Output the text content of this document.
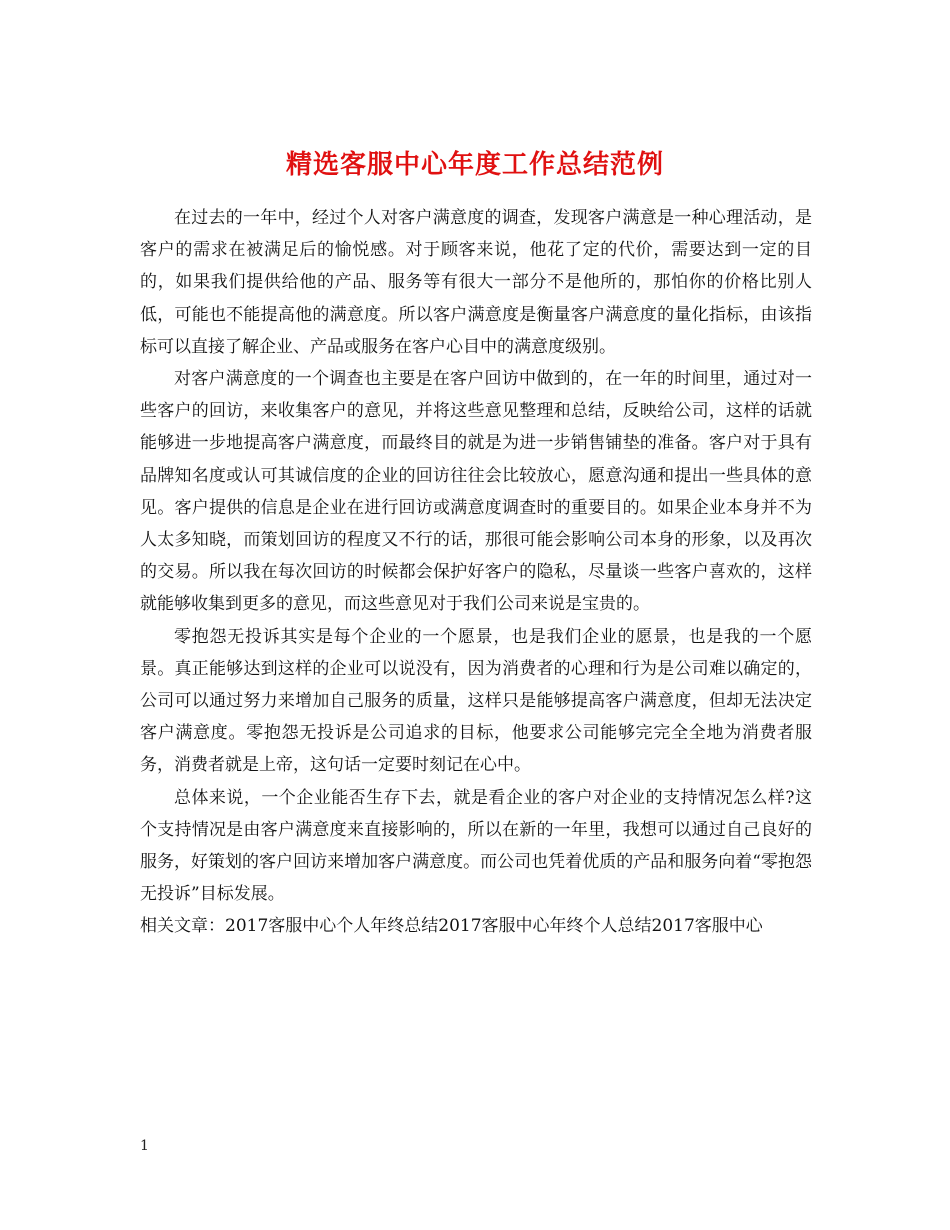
精选客服中心年度工作总结范例

在过去的一年中，经过个人对客户满意度的调查，发现客户满意是一种心理活动，是客户的需求在被满足后的愉悦感。对于顾客来说，他花了定的代价，需要达到一定的目的，如果我们提供给他的产品、服务等有很大一部分不是他所的，那怕你的价格比别人低，可能也不能提高他的满意度。所以客户满意度是衡量客户满意度的量化指标，由该指标可以直接了解企业、产品或服务在客户心目中的满意度级别。

对客户满意度的一个调查也主要是在客户回访中做到的，在一年的时间里，通过对一些客户的回访，来收集客户的意见，并将这些意见整理和总结，反映给公司，这样的话就能够进一步地提高客户满意度，而最终目的就是为进一步销售铺垫的准备。客户对于具有品牌知名度或认可其诚信度的企业的回访往往会比较放心，愿意沟通和提出一些具体的意见。客户提供的信息是企业在进行回访或满意度调查时的重要目的。如果企业本身并不为人太多知晓，而策划回访的程度又不行的话，那很可能会影响公司本身的形象，以及再次的交易。所以我在每次回访的时候都会保护好客户的隐私，尽量谈一些客户喜欢的，这样就能够收集到更多的意见，而这些意见对于我们公司来说是宝贵的。

零抱怨无投诉其实是每个企业的一个愿景，也是我们企业的愿景，也是我的一个愿景。真正能够达到这样的企业可以说没有，因为消费者的心理和行为是公司难以确定的，公司可以通过努力来增加自己服务的质量，这样只是能够提高客户满意度，但却无法决定客户满意度。零抱怨无投诉是公司追求的目标，他要求公司能够完完全全地为消费者服务，消费者就是上帝，这句话一定要时刻记在心中。

总体来说，一个企业能否生存下去，就是看企业的客户对企业的支持情况怎么样?这个支持情况是由客户满意度来直接影响的，所以在新的一年里，我想可以通过自己良好的服务，好策划的客户回访来增加客户满意度。而公司也凭着优质的产品和服务向着“零抱怨无投诉”目标发展。

相关文章：2017客服中心个人年终总结2017客服中心年终个人总结2017客服中心

1
